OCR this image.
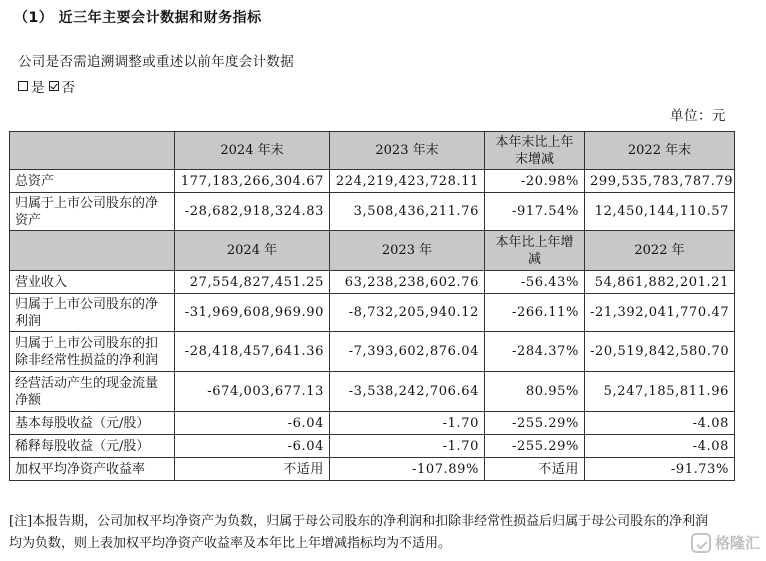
（1） 近三年主要会计数据和财务指标
公司是否需追溯调整或重述以前年度会计数据
是 否
单位：元
	2024 年末	2023 年末	本年末比上年末增减	2022 年末
总资产	177,183,266,304.67	224,219,423,728.11	-20.98%	299,535,783,787.79
归属于上市公司股东的净资产	-28,682,918,324.83	3,508,436,211.76	-917.54%	12,450,144,110.57
	2024 年	2023 年	本年比上年增减	2022 年
营业收入	27,554,827,451.25	63,238,238,602.76	-56.43%	54,861,882,201.21
归属于上市公司股东的净利润	-31,969,608,969.90	-8,732,205,940.12	-266.11%	-21,392,041,770.47
归属于上市公司股东的扣除非经常性损益的净利润	-28,418,457,641.36	-7,393,602,876.04	-284.37%	-20,519,842,580.70
经营活动产生的现金流量净额	-674,003,677.13	-3,538,242,706.64	80.95%	5,247,185,811.96
基本每股收益（元/股）	-6.04	-1.70	-255.29%	-4.08
稀释每股收益（元/股）	-6.04	-1.70	-255.29%	-4.08
加权平均净资产收益率	不适用	-107.89%	不适用	-91.73%
[注]本报告期，公司加权平均净资产为负数，归属于母公司股东的净利润和扣除非经常性损益后归属于母公司股东的净利润均为负数，则上表加权平均净资产收益率及本年比上年增减指标均为不适用。	格隆汇
